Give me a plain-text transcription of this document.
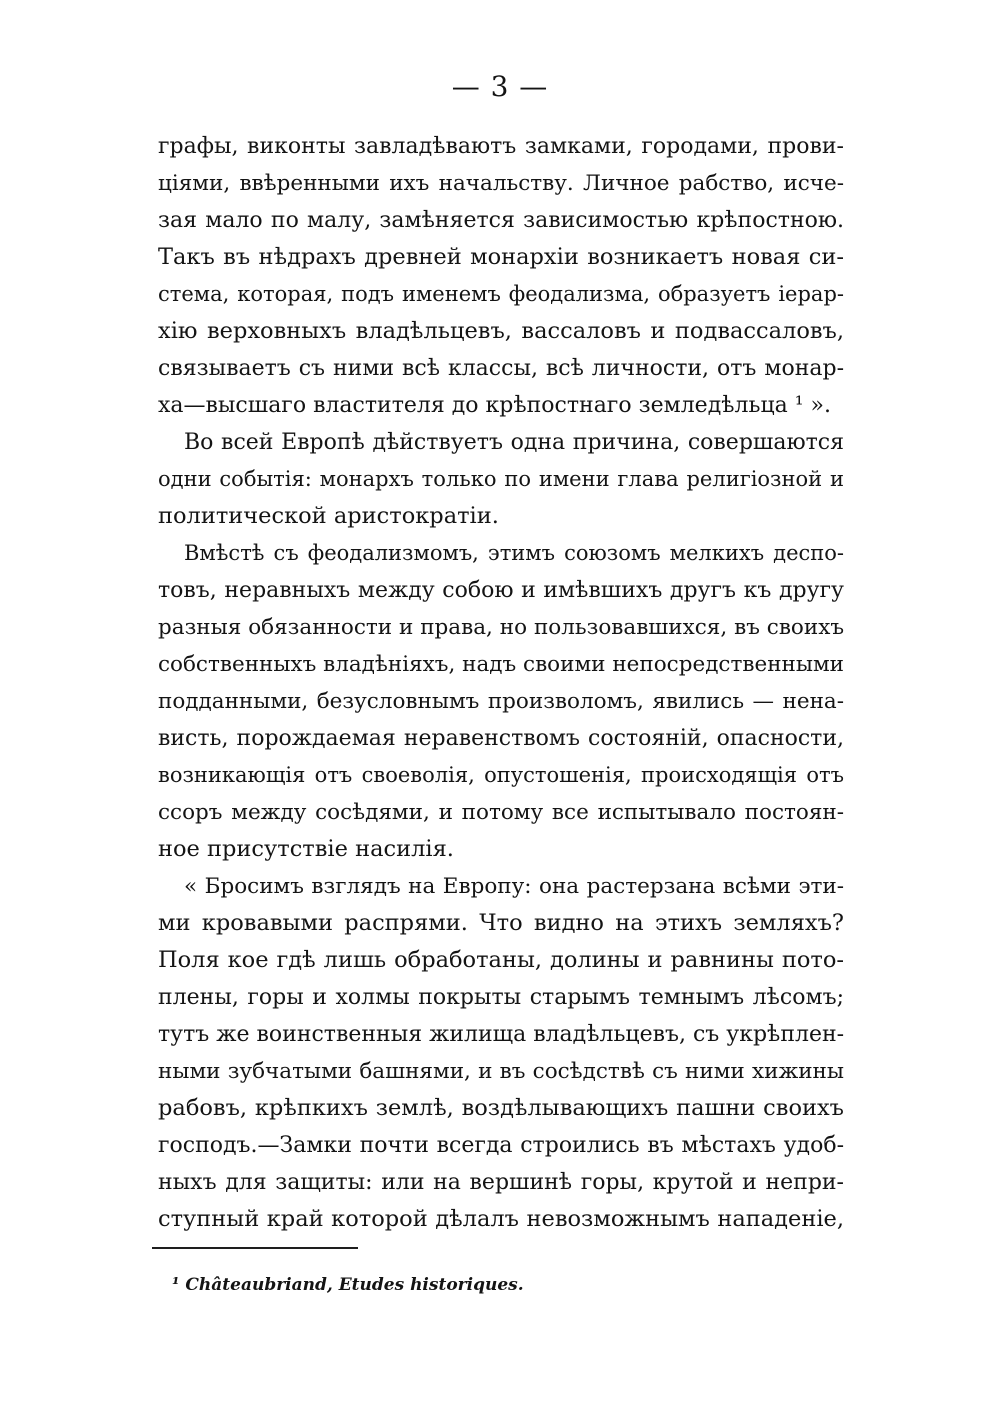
— 3 —
графы, виконты завладѣваютъ замками, городами, прови-
ціями, ввѣренными ихъ начальству. Личное рабство, исче-
зая мало по малу, замѣняется зависимостью крѣпостною.
Такъ въ нѣдрахъ древней монархіи возникаетъ новая си-
стема, которая, подъ именемъ феодализма, образуетъ іерар-
хію верховныхъ владѣльцевъ, вассаловъ и подвассаловъ,
связываетъ съ ними всѣ классы, всѣ личности, отъ монар-
ха—высшаго властителя до крѣпостнаго земледѣльца ¹ ».
Во всей Европѣ дѣйствуетъ одна причина, совершаются
одни событія: монархъ только по имени глава религіозной и
политической аристократіи.
Вмѣстѣ съ феодализмомъ, этимъ союзомъ мелкихъ деспо-
товъ, неравныхъ между собою и имѣвшихъ другъ къ другу
разныя обязанности и права, но пользовавшихся, въ своихъ
собственныхъ владѣніяхъ, надъ своими непосредственными
подданными, безусловнымъ произволомъ, явились — нена-
висть, порождаемая неравенствомъ состояній, опасности,
возникающія отъ своеволія, опустошенія, происходящія отъ
ссоръ между сосѣдями, и потому все испытывало постоян-
ное присутствіе насилія.
« Бросимъ взглядъ на Европу: она растерзана всѣми эти-
ми кровавыми распрями. Что видно на этихъ земляхъ?
Поля кое гдѣ лишь обработаны, долины и равнины пото-
плены, горы и холмы покрыты старымъ темнымъ лѣсомъ;
тутъ же воинственныя жилища владѣльцевъ, съ укрѣплен-
ными зубчатыми башнями, и въ сосѣдствѣ съ ними хижины
рабовъ, крѣпкихъ землѣ, воздѣлывающихъ пашни своихъ
господъ.—Замки почти всегда строились въ мѣстахъ удоб-
ныхъ для защиты: или на вершинѣ горы, крутой и непри-
ступный край которой дѣлалъ невозможнымъ нападеніе,
¹ Châteaubriand, Etudes historiques.
